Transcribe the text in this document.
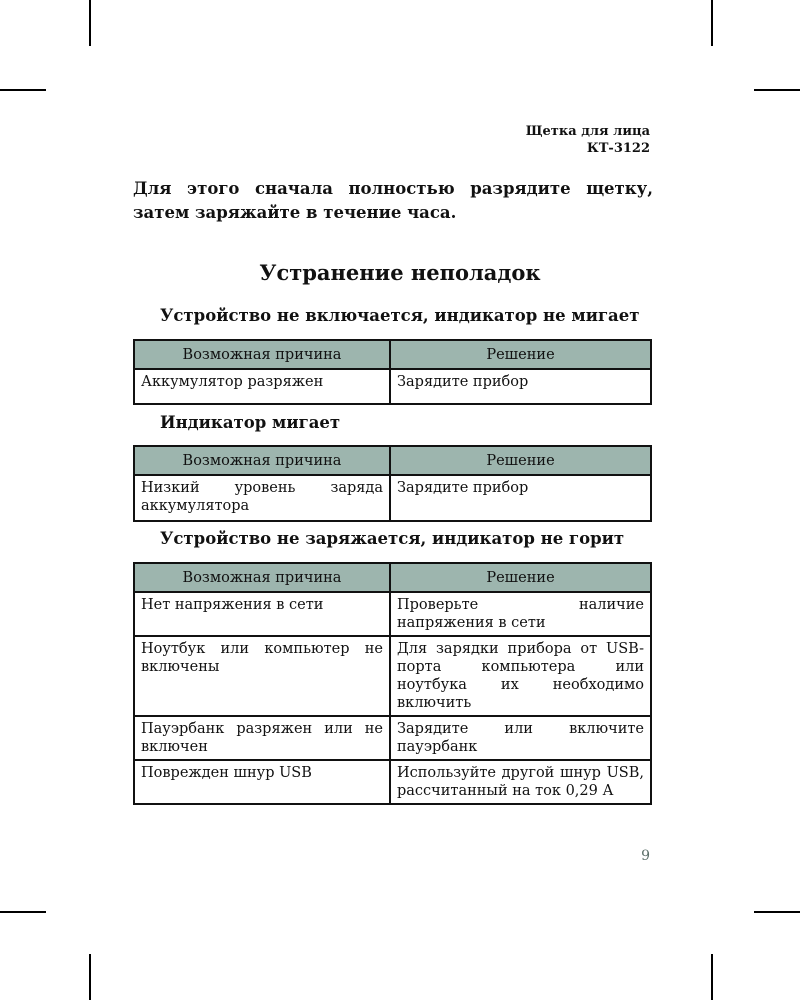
Щетка для лица
КТ-3122
Для этого сначала полностью разрядите щетку, затем заряжайте в течение часа.
Устранение неполадок
Устройство не включается, индикатор не мигает
Возможная причина	Решение
Аккумулятор разряжен	Зарядите прибор
Индикатор мигает
Возможная причина	Решение
Низкий уровень заряда аккумулятора	Зарядите прибор
Устройство не заряжается, индикатор не горит
Возможная причина	Решение
Нет напряжения в сети	Проверьте наличие напряжения в сети
Ноутбук или компьютер не включены	Для зарядки прибора от USB-порта компьютера или ноутбука их необходимо включить
Пауэрбанк разряжен или не включен	Зарядите или включите пауэрбанк
Поврежден шнур USB	Используйте другой шнур USB, рассчитанный на ток 0,29 А
9
